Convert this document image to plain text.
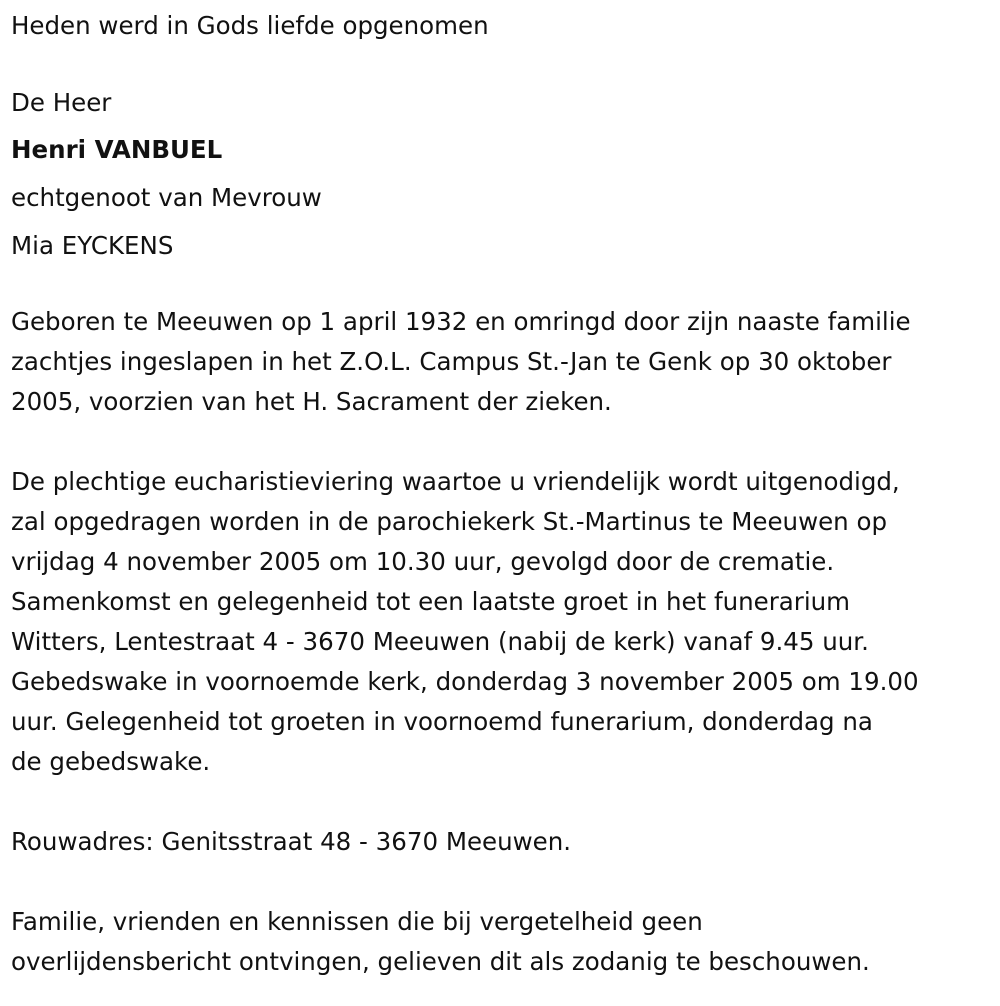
Heden werd in Gods liefde opgenomen

De Heer

Henri VANBUEL

echtgenoot van Mevrouw

Mia EYCKENS

Geboren te Meeuwen op 1 april 1932 en omringd door zijn naaste familie

zachtjes ingeslapen in het Z.O.L. Campus St.-Jan te Genk op 30 oktober

2005, voorzien van het H. Sacrament der zieken.

De plechtige eucharistieviering waartoe u vriendelijk wordt uitgenodigd,

zal opgedragen worden in de parochiekerk St.-Martinus te Meeuwen op

vrijdag 4 november 2005 om 10.30 uur, gevolgd door de crematie.

Samenkomst en gelegenheid tot een laatste groet in het funerarium

Witters, Lentestraat 4 - 3670 Meeuwen (nabij de kerk) vanaf 9.45 uur.

Gebedswake in voornoemde kerk, donderdag 3 november 2005 om 19.00

uur. Gelegenheid tot groeten in voornoemd funerarium, donderdag na

de gebedswake.

Rouwadres: Genitsstraat 48 - 3670 Meeuwen.

Familie, vrienden en kennissen die bij vergetelheid geen

overlijdensbericht ontvingen, gelieven dit als zodanig te beschouwen.
